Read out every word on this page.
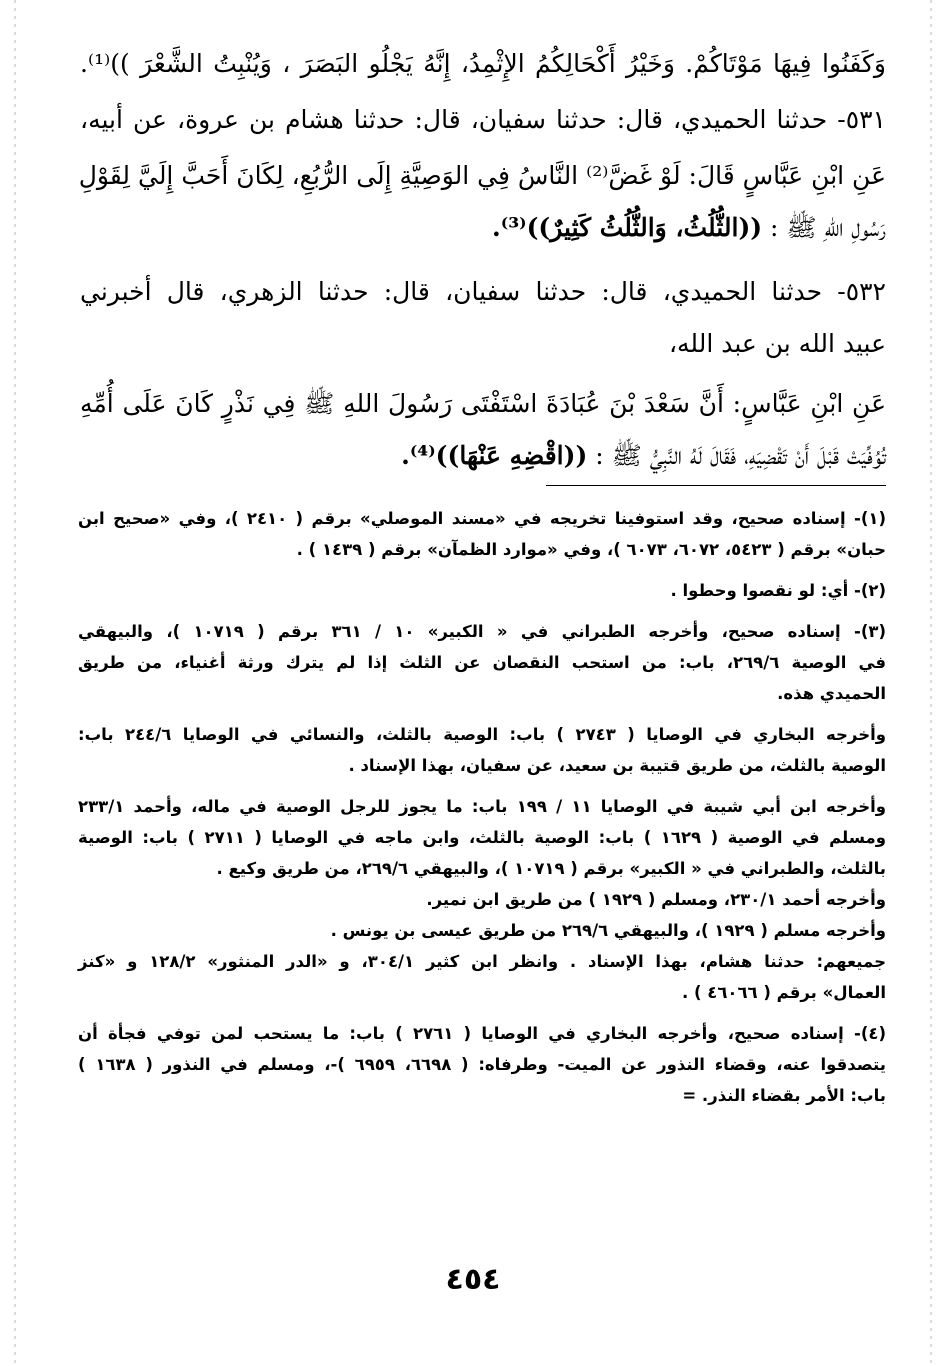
وَكَفَنُوا فِيهَا مَوْتَاكُمْ. وَخَيْرُ أَكْحَالِكُمُ الإِثْمِدُ، إِنَّهُ يَجْلُو البَصَرَ ، وَيُنْبِتُ الشَّعْرَ ))⁽¹⁾.
٥٣١- حدثنا الحميدي، قال: حدثنا سفيان، قال: حدثنا هشام بن عروة، عن أبيه،
عَنِ ابْنِ عَبَّاسٍ قَالَ: لَوْ غَضَّ⁽²⁾ النَّاسُ فِي الوَصِيَّةِ إِلَى الرُّبُعِ، لِكَانَ أَحَبَّ إِلَيَّ لِقَوْلِ
رَسُولِ اللهِ ﷺ : ((الثُّلُثُ، وَالثُّلُثُ كَثِيرٌ))⁽³⁾.
٥٣٢- حدثنا الحميدي، قال: حدثنا سفيان، قال: حدثنا الزهري، قال أخبرني
عبيد الله بن عبد الله،
عَنِ ابْنِ عَبَّاسٍ: أَنَّ سَعْدَ بْنَ عُبَادَةَ اسْتَفْتَى رَسُولَ اللهِ ﷺ فِي نَذْرٍ كَانَ عَلَى أُمِّهِ
تُوُفِّيَتْ قَبْلَ أَنْ تَقْضِيَهِ، فَقَالَ لَهُ النَّبِيُّ ﷺ : ((اقْضِهِ عَنْهَا))⁽⁴⁾.
(١)- إسناده صحيح، وقد استوفينا تخريجه في «مسند الموصلي» برقم ( ٢٤١٠ )، وفي «صحيح ابن
حبان» برقم ( ٥٤٢٣، ٦٠٧٢، ٦٠٧٣ )، وفي «موارد الظمآن» برقم ( ١٤٣٩ ) .
(٢)- أي: لو نقصوا وحطوا .
(٣)- إسناده صحيح، وأخرجه الطبراني في « الكبير» ١٠ / ٣٦١ برقم ( ١٠٧١٩ )، والبيهقي
في الوصية ٢٦٩/٦، باب: من استحب النقصان عن الثلث إذا لم يترك ورثة أغنياء، من طريق
الحميدي هذه.
وأخرجه البخاري في الوصايا ( ٢٧٤٣ ) باب: الوصية بالثلث، والنسائي في الوصايا ٢٤٤/٦ باب:
الوصية بالثلث، من طريق قتيبة بن سعيد، عن سفيان، بهذا الإسناد .
وأخرجه ابن أبي شيبة في الوصايا ١١ / ١٩٩ باب: ما يجوز للرجل الوصية في ماله، وأحمد ٢٣٣/١
ومسلم في الوصية ( ١٦٢٩ ) باب: الوصية بالثلث، وابن ماجه في الوصايا ( ٢٧١١ ) باب: الوصية
بالثلث، والطبراني في « الكبير» برقم ( ١٠٧١٩ )، والبيهقي ٢٦٩/٦، من طريق وكيع .
وأخرجه أحمد ٢٣٠/١، ومسلم ( ١٩٢٩ ) من طريق ابن نمير.
وأخرجه مسلم ( ١٩٢٩ )، والبيهقي ٢٦٩/٦ من طريق عيسى بن يونس .
جميعهم: حدثنا هشام، بهذا الإسناد . وانظر ابن كثير ٣٠٤/١، و «الدر المنثور» ١٢٨/٢ و «كنز
العمال» برقم ( ٤٦٠٦٦ ) .
(٤)- إسناده صحيح، وأخرجه البخاري في الوصايا ( ٢٧٦١ ) باب: ما يستحب لمن توفي فجأة أن
يتصدقوا عنه، وقضاء النذور عن الميت- وطرفاه: ( ٦٦٩٨، ٦٩٥٩ )-، ومسلم في النذور ( ١٦٣٨ )
باب: الأمر بقضاء النذر. =
٤٥٤
